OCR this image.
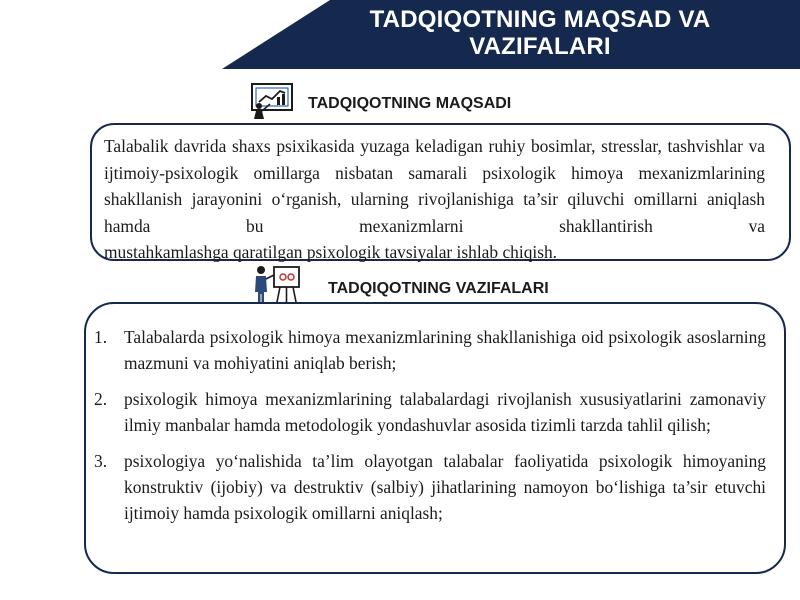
TADQIQOTNING MAQSAD VA
VAZIFALARI
TADQIQOTNING MAQSADI

Talabalik davrida shaxs psixikasida yuzaga keladigan ruhiy bosimlar, stresslar, tashvishlar va ijtimoiy-psixologik omillarga nisbatan samarali psixologik himoya mexanizmlarining shakllanish jarayonini o‘rganish, ularning rivojlanishiga ta’sir qiluvchi omillarni aniqlash hamda bu mexanizmlarni shakllantirish va
mustahkamlashga qaratilgan psixologik tavsiyalar ishlab chiqish.

TADQIQOTNING VAZIFALARI
1. Talabalarda psixologik himoya mexanizmlarining shakllanishiga oid psixologik asoslarning mazmuni va mohiyatini aniqlab berish;
2. psixologik himoya mexanizmlarining talabalardagi rivojlanish xususiyatlarini zamonaviy ilmiy manbalar hamda metodologik yondashuvlar asosida tizimli tarzda tahlil qilish;
3. psixologiya yo‘nalishida ta’lim olayotgan talabalar faoliyatida psixologik himoyaning konstruktiv (ijobiy) va destruktiv (salbiy) jihatlarining namoyon bo‘lishiga ta’sir etuvchi ijtimoiy hamda psixologik omillarni aniqlash;
